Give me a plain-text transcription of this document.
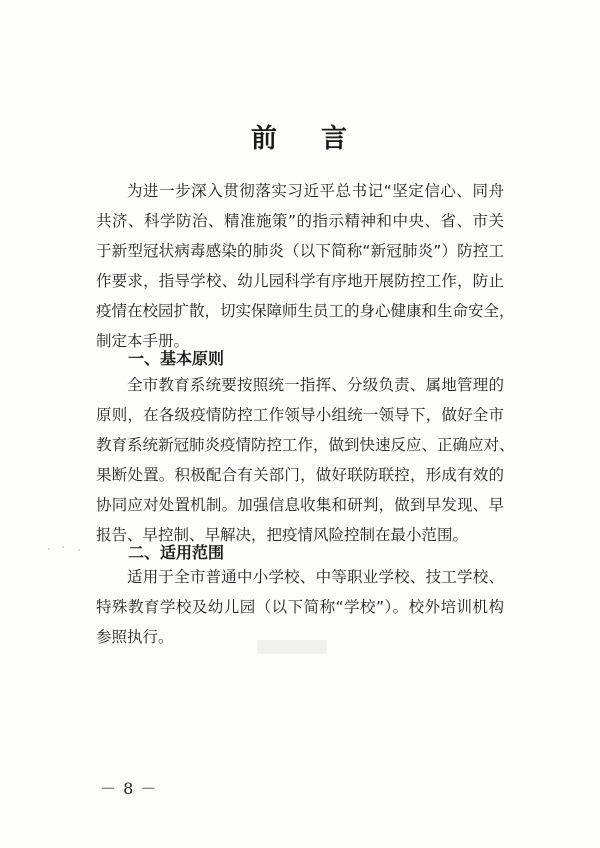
前 言
为进一步深入贯彻落实习近平总书记“坚定信心、同舟
共济、科学防治、精准施策”的指示精神和中央、省、市关
于新型冠状病毒感染的肺炎（以下简称“新冠肺炎”）防控工
作要求，指导学校、幼儿园科学有序地开展防控工作，防止
疫情在校园扩散，切实保障师生员工的身心健康和生命安全，
制定本手册。
一、基本原则
全市教育系统要按照统一指挥、分级负责、属地管理的
原则，在各级疫情防控工作领导小组统一领导下，做好全市
教育系统新冠肺炎疫情防控工作，做到快速反应、正确应对、
果断处置。积极配合有关部门，做好联防联控，形成有效的
协同应对处置机制。加强信息收集和研判，做到早发现、早
报告、早控制、早解决，把疫情风险控制在最小范围。
二、适用范围
适用于全市普通中小学校、中等职业学校、技工学校、
特殊教育学校及幼儿园（以下简称“学校”）。校外培训机构
参照执行。
－ 8 －
